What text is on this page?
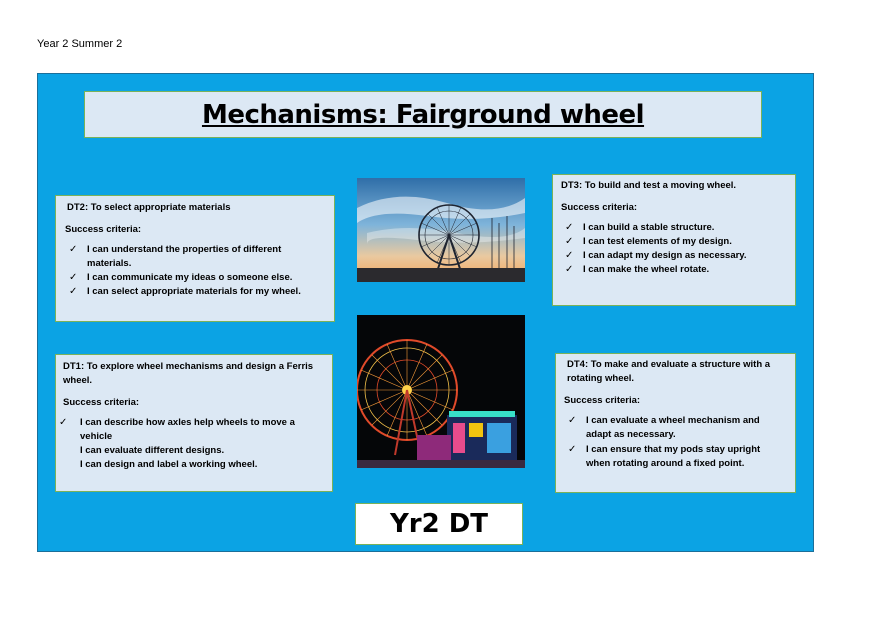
Year 2 Summer 2
Mechanisms: Fairground wheel
DT2: To select appropriate materials
Success criteria:
✓ I can understand the properties of different materials.
✓ I can communicate my ideas o someone else.
✓ I can select appropriate materials for my wheel.
DT3: To build and test a moving wheel.
Success criteria:
✓ I can build a stable structure.
✓ I can test elements of my design.
✓ I can adapt my design as necessary.
✓ I can make the wheel rotate.
DT1: To explore wheel mechanisms and design a Ferris wheel.
Success criteria:
✓ I can describe how axles help wheels to move a vehicle
I can evaluate different designs.
I can design and label a working wheel.
DT4: To make and evaluate a structure with a rotating wheel.
Success criteria:
✓ I can evaluate a wheel mechanism and adapt as necessary.
✓ I can ensure that my pods stay upright when rotating around a fixed point.
Yr2 DT
